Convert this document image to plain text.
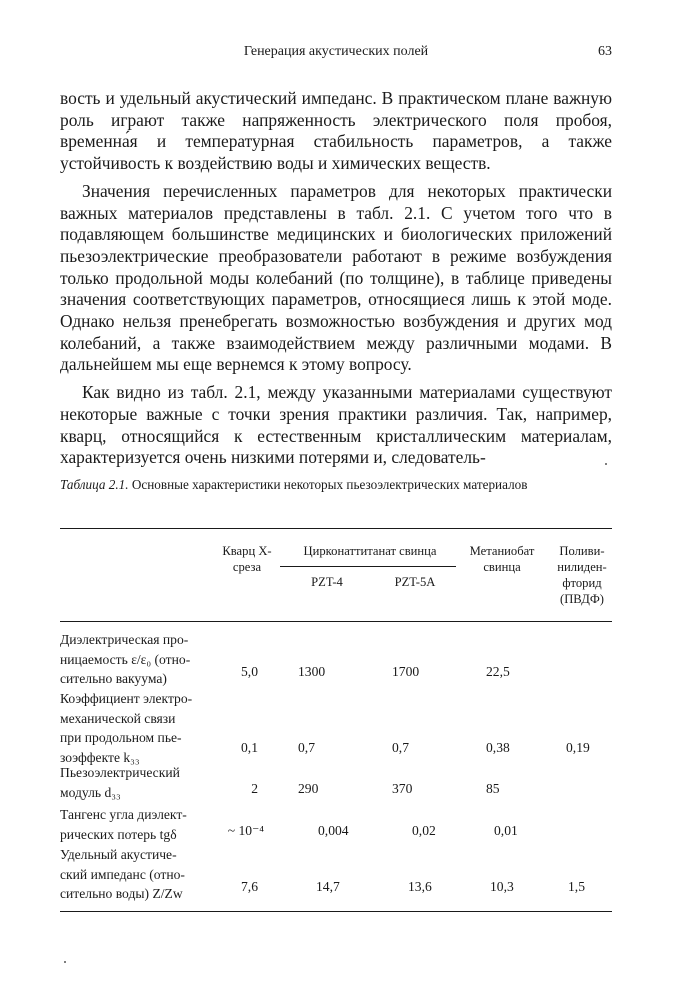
Генерация акустических полей	63

вость и удельный акустический импеданс. В практическом плане важную роль играют также напряженность электрического поля пробоя, временна́я и температурная стабильность параметров, а также устойчивость к воздействию воды и химических веществ.

Значения перечисленных параметров для некоторых практически важных материалов представлены в табл. 2.1. С учетом того что в подавляющем большинстве медицинских и биологических приложений пьезоэлектрические преобразователи работают в режиме возбуждения только продольной моды колебаний (по толщине), в таблице приведены значения соответствующих параметров, относящиеся лишь к этой моде. Однако нельзя пренебрегать возможностью возбуждения и других мод колебаний, а также взаимодействием между различными модами. В дальнейшем мы еще вернемся к этому вопросу.

Как видно из табл. 2.1, между указанными материалами существуют некоторые важные с точки зрения практики различия. Так, например, кварц, относящийся к естественным кристаллическим материалам, характеризуется очень низкими потерями и, следователь-

Таблица 2.1. Основные характеристики некоторых пьезоэлектрических материалов
Кварц X-среза
Цирконаттитанат свинца
PZT-4	PZT-5A
Метаниобат свинца
Поливи-нилиден-фторид (ПВДФ)
Диэлектрическая про-
ницаемость ε/ε₀ (отно-
сительно вакуума)	5,0	1300	1700	22,5
Коэффициент электро-
механической связи
при продольном пье-
зоэффекте k₃₃
0,1	0,7	0,7	0,38	0,19
Пьезоэлектрический
модуль d₃₃	2	290	370	85
Тангенс угла диэлект-
рических потерь tgδ	~ 10⁻⁴	0,004	0,02	0,01
Удельный акустиче-
ский импеданс (отно-
сительно воды) Z/Zw	7,6	14,7	13,6	10,3	1,5
